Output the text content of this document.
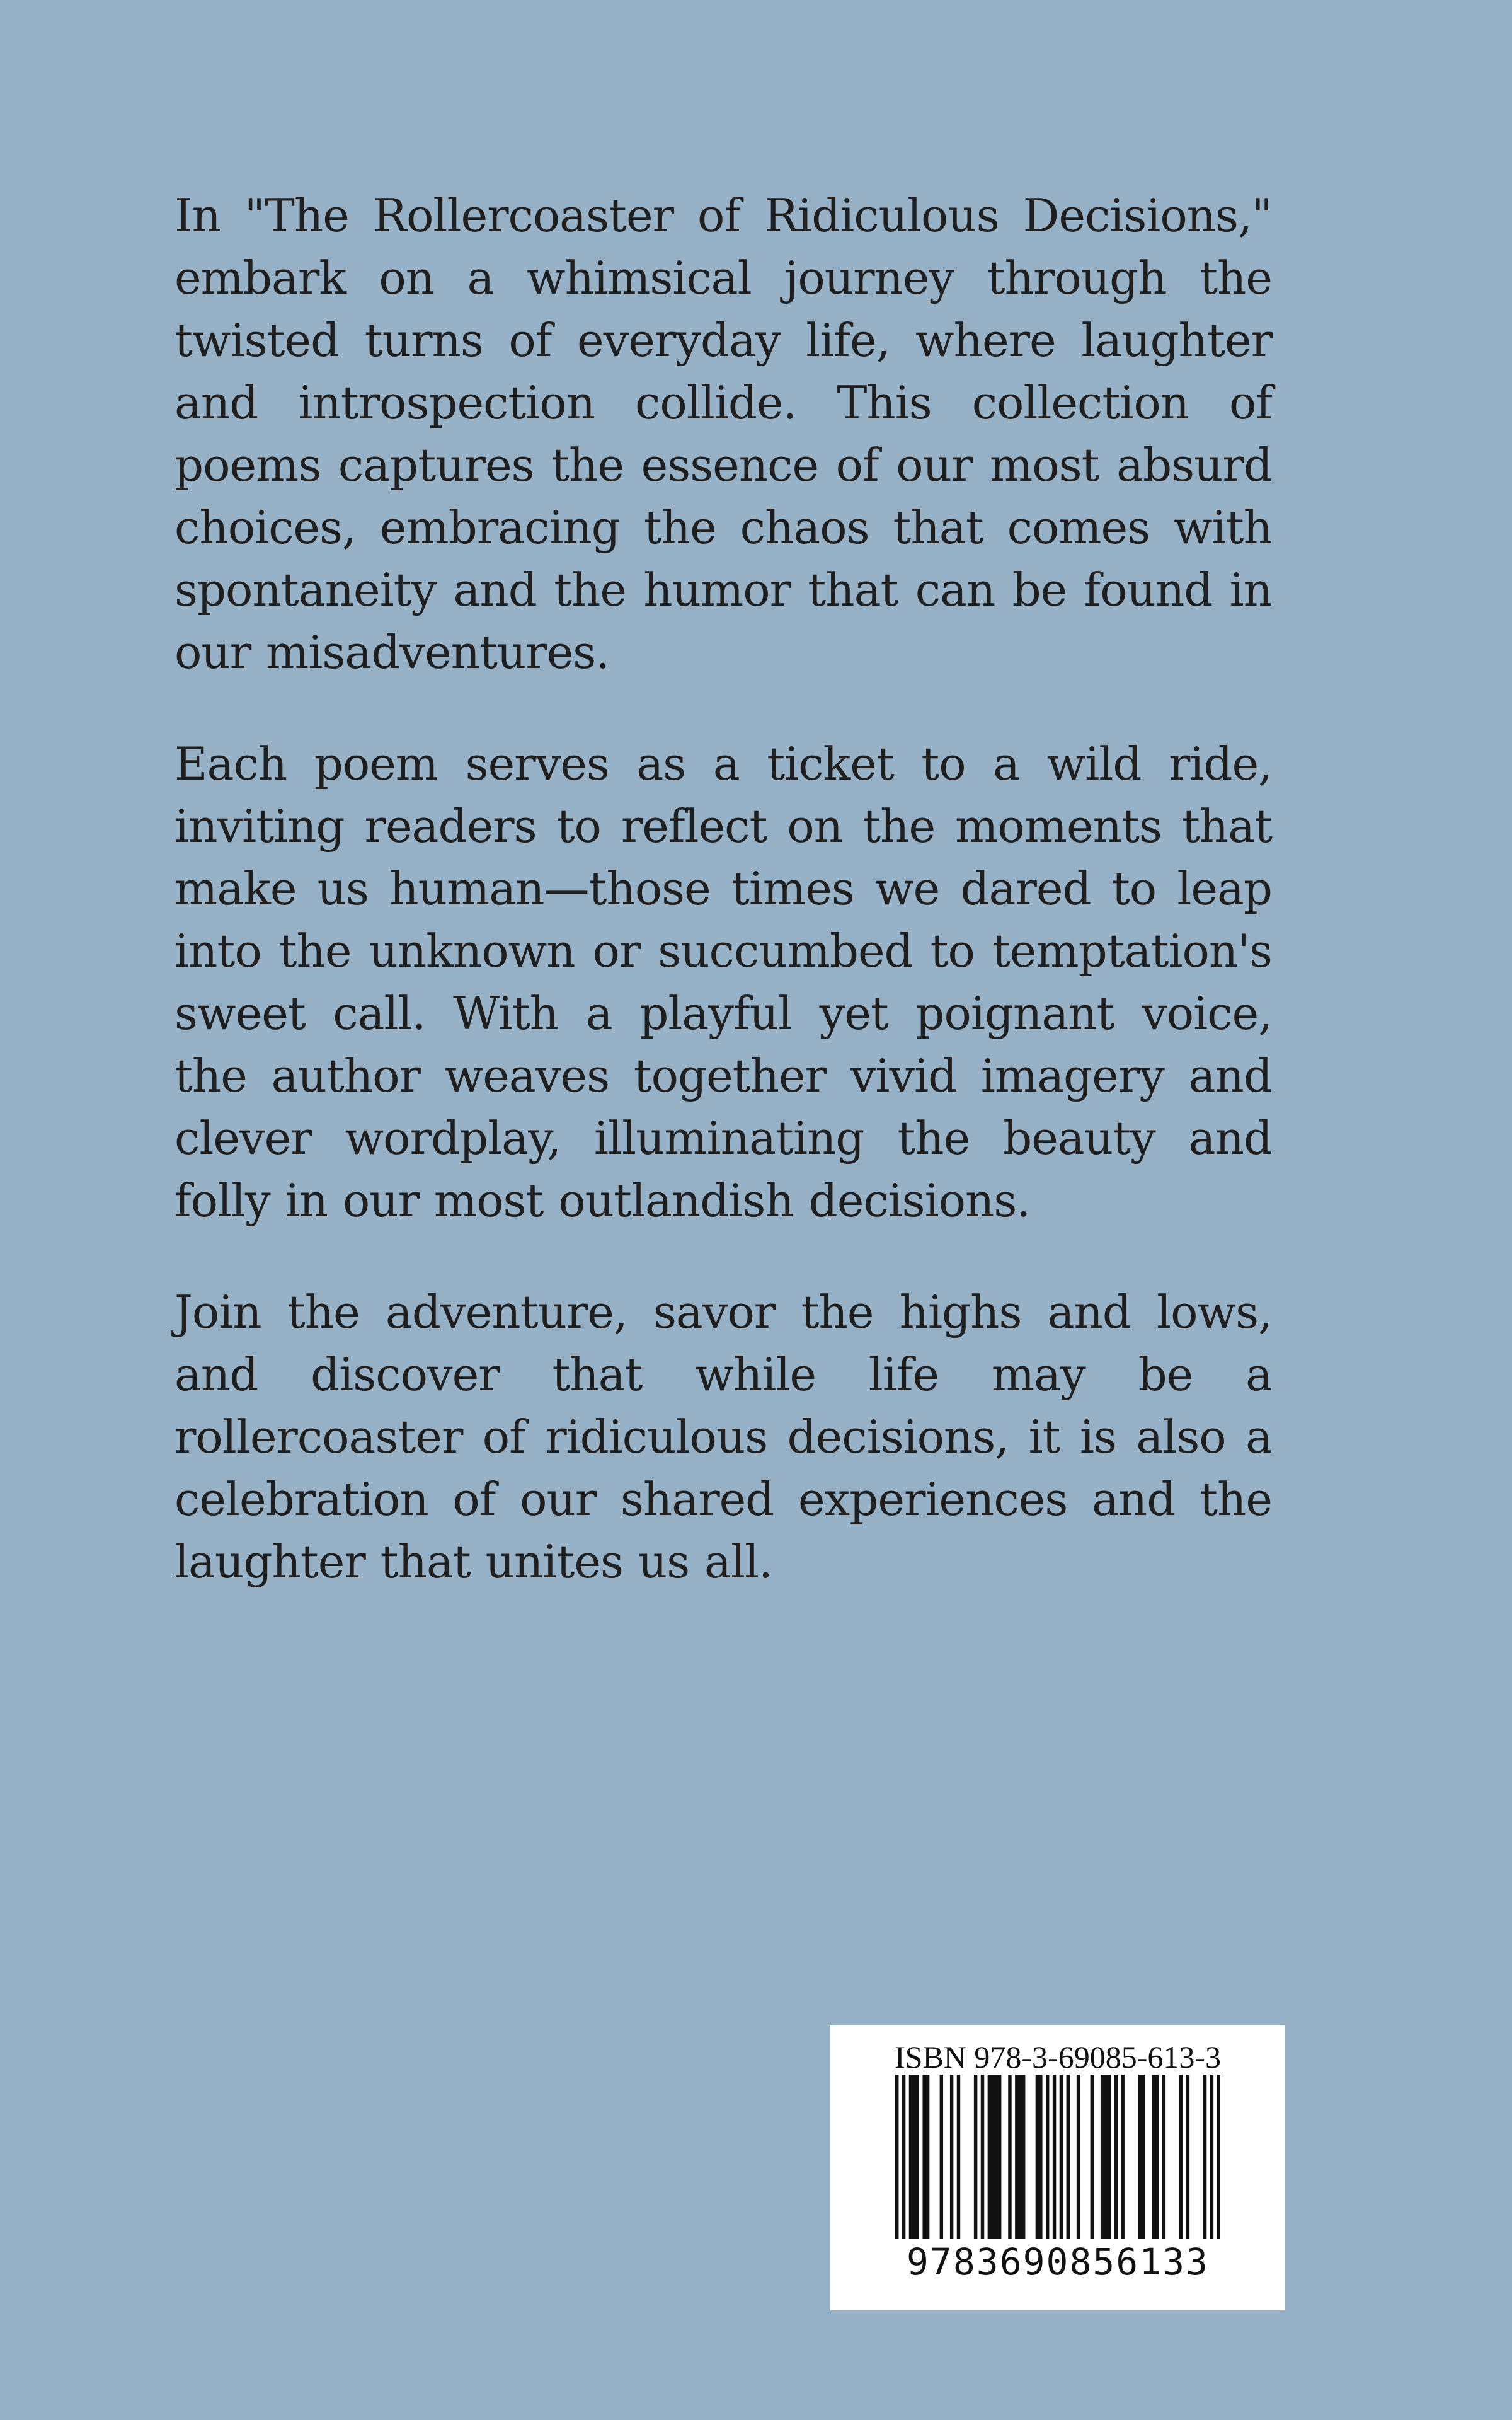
In "The Rollercoaster of Ridiculous Decisions," embark on a whimsical journey through the twisted turns of everyday life, where laughter and introspection collide. This collection of poems captures the essence of our most absurd choices, embracing the chaos that comes with spontaneity and the humor that can be found in our misadventures.

Each poem serves as a ticket to a wild ride, inviting readers to reflect on the moments that make us human—those times we dared to leap into the unknown or succumbed to temptation's sweet call. With a playful yet poignant voice, the author weaves together vivid imagery and clever wordplay, illuminating the beauty and folly in our most outlandish decisions.

Join the adventure, savor the highs and lows, and discover that while life may be a rollercoaster of ridiculous decisions, it is also a celebration of our shared experiences and the laughter that unites us all.

ISBN 978-3-69085-613-3
9783690856133
